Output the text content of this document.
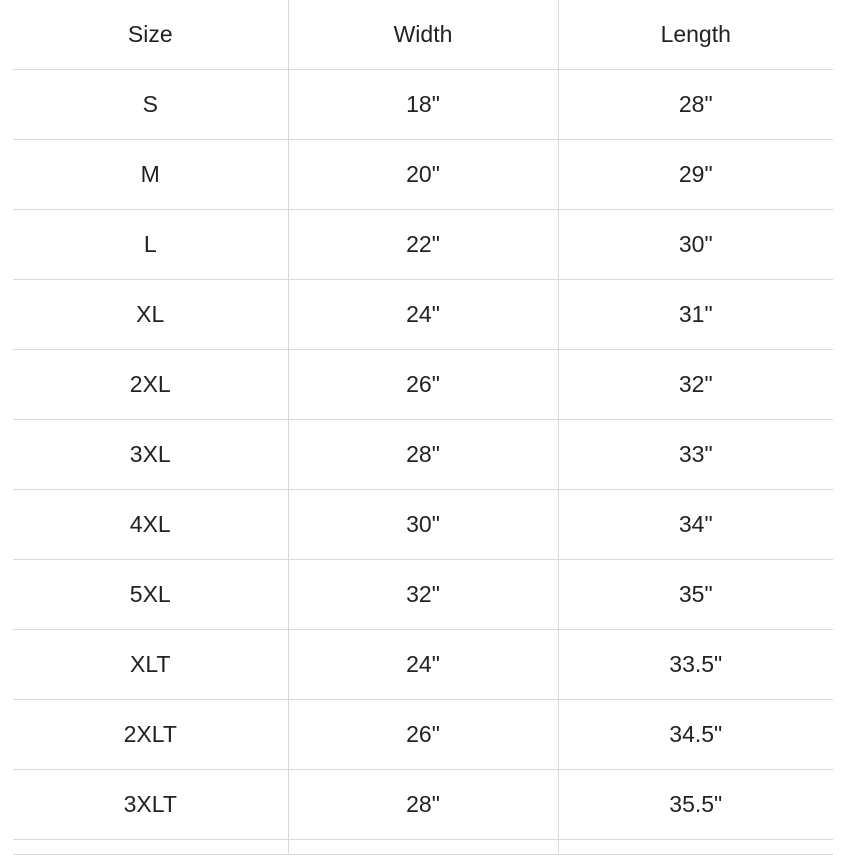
Size	Width	Length
S	18"	28"
M	20"	29"
L	22"	30"
XL	24"	31"
2XL	26"	32"
3XL	28"	33"
4XL	30"	34"
5XL	32"	35"
XLT	24"	33.5"
2XLT	26"	34.5"
3XLT	28"	35.5"
